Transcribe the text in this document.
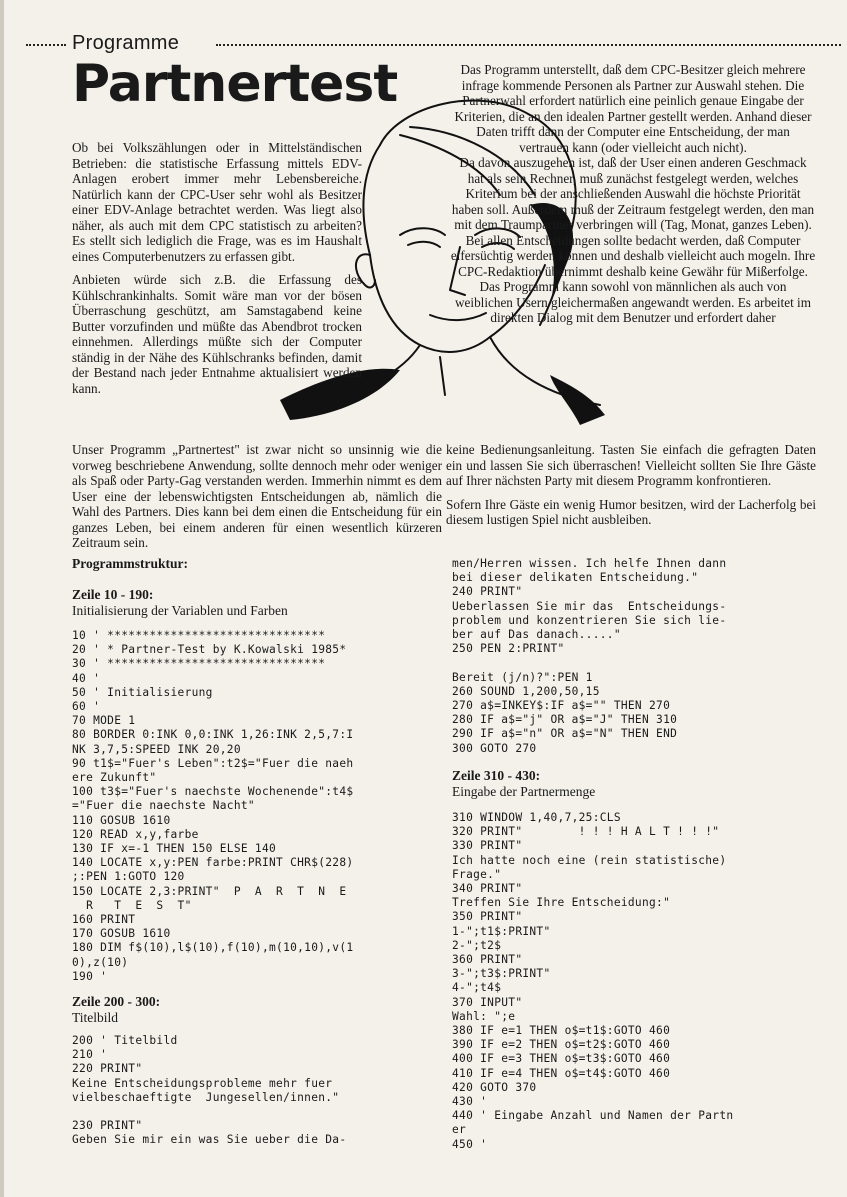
Programme
Partnertest

Ob bei Volkszählungen oder in Mittelständischen Betrieben: die statistische Erfassung mittels EDV-Anlagen erobert immer mehr Lebensbereiche. Natürlich kann der CPC-User sehr wohl als Besitzer einer EDV-Anlage betrachtet werden. Was liegt also näher, als auch mit dem CPC statistisch zu arbeiten? Es stellt sich lediglich die Frage, was es im Haushalt eines Computerbenutzers zu erfassen gibt.

Anbieten würde sich z.B. die Erfassung des Kühlschrankinhalts. Somit wäre man vor der bösen Überraschung geschützt, am Samstagabend keine Butter vorzufinden und müßte das Abendbrot trocken einnehmen. Allerdings müßte sich der Computer ständig in der Nähe des Kühlschranks befinden, damit der Bestand nach jeder Entnahme aktualisiert werden kann.

Unser Programm „Partnertest" ist zwar nicht so unsinnig wie die vorweg beschriebene Anwendung, sollte dennoch mehr oder weniger als Spaß oder Party-Gag verstanden werden. Immerhin nimmt es dem User eine der lebenswichtigsten Entscheidungen ab, nämlich die Wahl des Partners. Dies kann bei dem einen die Entscheidung für ein ganzes Leben, bei einem anderen für einen wesentlich kürzeren Zeitraum sein.

Das Programm unterstellt, daß dem CPC-Besitzer gleich mehrere infrage kommende Personen als Partner zur Auswahl stehen. Die Partnerwahl erfordert natürlich eine peinlich genaue Eingabe der Kriterien, die an den idealen Partner gestellt werden. Anhand dieser Daten trifft dann der Computer eine Entscheidung, der man vertrauen kann (oder vielleicht auch nicht).

Da davon auszugehen ist, daß der User einen anderen Geschmack hat als sein Rechner, muß zunächst festgelegt werden, welches Kriterium bei der anschließenden Auswahl die höchste Priorität haben soll. Außerdem muß der Zeitraum festgelegt werden, den man mit dem Traumpartner verbringen will (Tag, Monat, ganzes Leben). Bei allen Entscheidungen sollte bedacht werden, daß Computer eifersüchtig werden können und deshalb vielleicht auch mogeln. Ihre CPC-Redaktion übernimmt deshalb keine Gewähr für Mißerfolge.

Das Programm kann sowohl von männlichen als auch von weiblichen Usern gleichermaßen angewandt werden. Es arbeitet im direkten Dialog mit dem Benutzer und erfordert daher

keine Bedienungsanleitung. Tasten Sie einfach die gefragten Daten ein und lassen Sie sich überraschen! Vielleicht sollten Sie Ihre Gäste auf Ihrer nächsten Party mit diesem Programm konfrontieren.

Sofern Ihre Gäste ein wenig Humor besitzen, wird der Lacherfolg bei diesem lustigen Spiel nicht ausbleiben.

Programmstruktur:
Zeile 10 - 190:
Initialisierung der Variablen und Farben
10 ' *******************************
20 ' * Partner-Test by K.Kowalski 1985*
30 ' *******************************
40 '
50 ' Initialisierung
60 '
70 MODE 1
80 BORDER 0:INK 0,0:INK 1,26:INK 2,5,7:I
NK 3,7,5:SPEED INK 20,20
90 t1$="Fuer's Leben":t2$="Fuer die naeh
ere Zukunft"
100 t3$="Fuer's naechste Wochenende":t4$
="Fuer die naechste Nacht"
110 GOSUB 1610
120 READ x,y,farbe
130 IF x=-1 THEN 150 ELSE 140
140 LOCATE x,y:PEN farbe:PRINT CHR$(228)
;:PEN 1:GOTO 120
150 LOCATE 2,3:PRINT"  P  A  R  T  N  E
R   T  E  S  T"
160 PRINT
170 GOSUB 1610
180 DIM f$(10),l$(10),f(10),m(10,10),v(1
0),z(10)
190 '
Zeile 200 - 300:
Titelbild
200 ' Titelbild
210 '
220 PRINT"
Keine Entscheidungsprobleme mehr fuer
vielbeschaeftigte  Jungesellen/innen."

230 PRINT"
Geben Sie mir ein was Sie ueber die Da-
men/Herren wissen. Ich helfe Ihnen dann
bei dieser delikaten Entscheidung."
240 PRINT"
Ueberlassen Sie mir das  Entscheidungs-
problem und konzentrieren Sie sich lie-
ber auf Das danach....."
250 PEN 2:PRINT"

Bereit (j/n)?":PEN 1
260 SOUND 1,200,50,15
270 a$=INKEY$:IF a$="" THEN 270
280 IF a$="j" OR a$="J" THEN 310
290 IF a$="n" OR a$="N" THEN END
300 GOTO 270
Zeile 310 - 430:
Eingabe der Partnermenge
310 WINDOW 1,40,7,25:CLS
320 PRINT"        ! ! ! H A L T ! ! !"
330 PRINT"
Ich hatte noch eine (rein statistische)
Frage."
340 PRINT"
Treffen Sie Ihre Entscheidung:"
350 PRINT"
1-";t1$:PRINT"
2-";t2$
360 PRINT"
3-";t3$:PRINT"
4-";t4$
370 INPUT"
Wahl: ";e
380 IF e=1 THEN o$=t1$:GOTO 460
390 IF e=2 THEN o$=t2$:GOTO 460
400 IF e=3 THEN o$=t3$:GOTO 460
410 IF e=4 THEN o$=t4$:GOTO 460
420 GOTO 370
430 '
440 ' Eingabe Anzahl und Namen der Partn
er
450 '
